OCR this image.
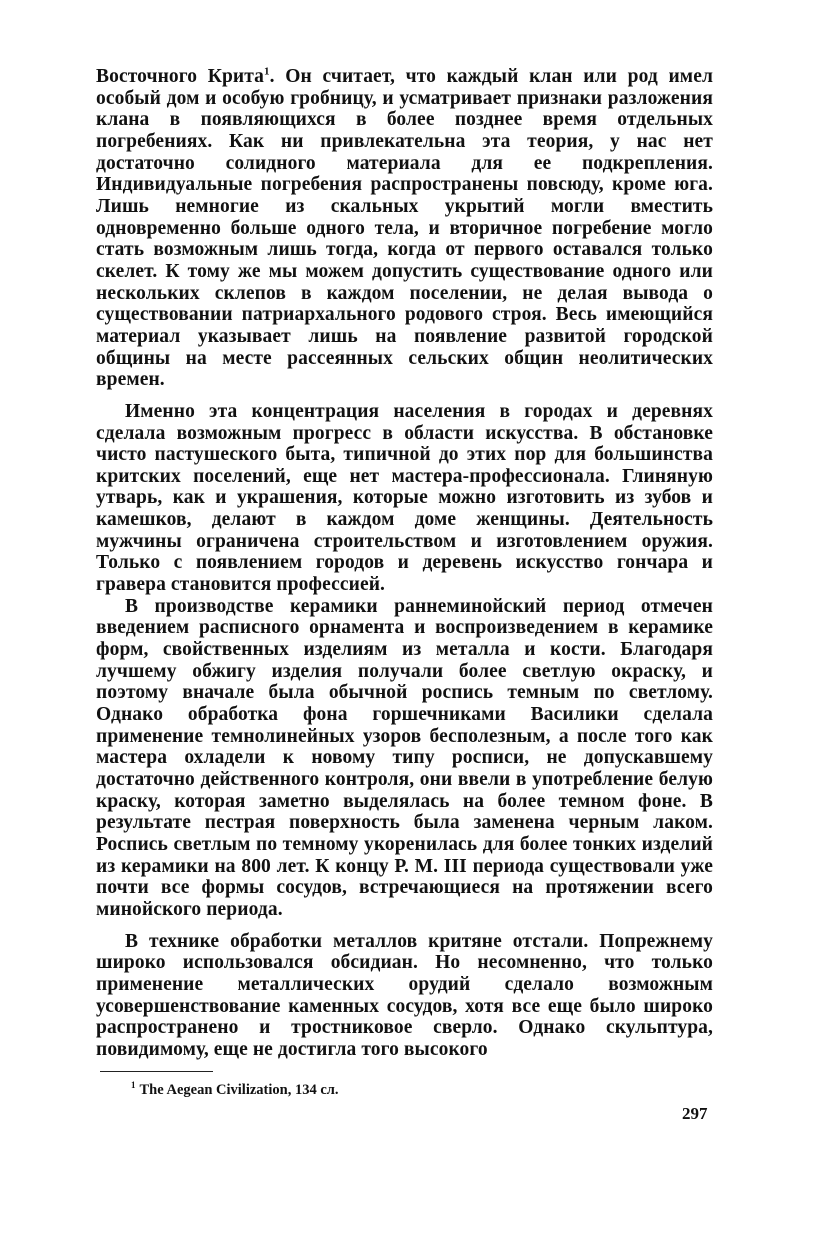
Восточного Крита$^1$. Он считает, что каждый клан или род имел особый дом и особую гробницу, и усматривает признаки разложения клана в появляющихся в более позднее время отдельных погребениях. Как ни привлекательна эта теория, у нас нет достаточно солидного материала для ее подкрепления. Индивидуальные погребения распространены повсюду, кроме юга. Лишь немногие из скальных укрытий могли вместить одновременно больше одного тела, и вторичное погребение могло стать возможным лишь тогда, когда от первого оставался только скелет. К тому же мы можем допустить существование одного или нескольких склепов в каждом поселении, не делая вывода о существовании патриархального родового строя. Весь имеющийся материал указывает лишь на появление развитой городской общины на месте рассеянных сельских общин неолитических времен.

Именно эта концентрация населения в городах и деревнях сделала возможным прогресс в области искусства. В обстановке чисто пастушеского быта, типичной до этих пор для большинства критских поселений, еще нет мастера-профессионала. Глиняную утварь, как и украшения, которые можно изготовить из зубов и камешков, делают в каждом доме женщины. Деятельность мужчины ограничена строительством и изготовлением оружия. Только с появлением городов и деревень искусство гончара и гравера становится профессией.

В производстве керамики раннеминойский период отмечен введением расписного орнамента и воспроизведением в керамике форм, свойственных изделиям из металла и кости. Благодаря лучшему обжигу изделия получали более светлую окраску, и поэтому вначале была обычной роспись темным по светлому. Однако обработка фона горшечниками Василики сделала применение темнолинейных узоров бесполезным, а после того как мастера охладели к новому типу росписи, не допускавшему достаточно действенного контроля, они ввели в употребление белую краску, которая заметно выделялась на более темном фоне. В результате пестрая поверхность была заменена черным лаком. Роспись светлым по темному укоренилась для более тонких изделий из керамики на 800 лет. К концу Р. М. III периода существовали уже почти все формы сосудов, встречающиеся на протяжении всего минойского периода.

В технике обработки металлов критяне отстали. Попрежнему широко использовался обсидиан. Но несомненно, что только применение металлических орудий сделало возможным усовершенствование каменных сосудов, хотя все еще было широко распространено и тростниковое сверло. Однако скульптура, повидимому, еще не достигла того высокого

$^1$ The Aegean Civilization, 134 сл.
297
